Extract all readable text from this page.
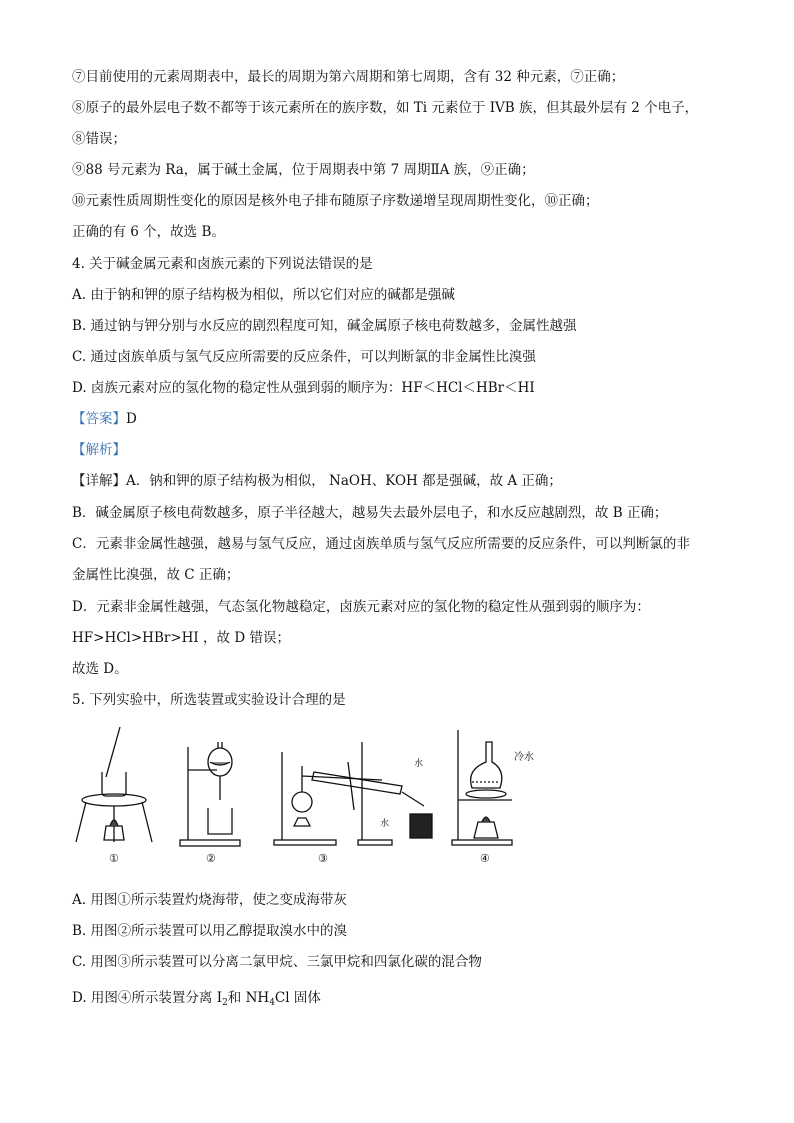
⑦目前使用的元素周期表中，最长的周期为第六周期和第七周期，含有 32 种元素，⑦正确；
⑧原子的最外层电子数不都等于该元素所在的族序数，如 Ti 元素位于 IVB 族，但其最外层有 2 个电子，
⑧错误；
⑨88 号元素为 Ra，属于碱土金属，位于周期表中第 7 周期ⅡA 族，⑨正确；
⑩元素性质周期性变化的原因是核外电子排布随原子序数递增呈现周期性变化，⑩正确；
正确的有 6 个，故选 B。
4. 关于碱金属元素和卤族元素的下列说法错误的是
A. 由于钠和钾的原子结构极为相似，所以它们对应的碱都是强碱
B. 通过钠与钾分别与水反应的剧烈程度可知，碱金属原子核电荷数越多，金属性越强
C. 通过卤族单质与氢气反应所需要的反应条件，可以判断氯的非金属性比溴强
D. 卤族元素对应的氢化物的稳定性从强到弱的顺序为：HF＜HCl＜HBr＜HI
【答案】D
【解析】
【详解】A．钠和钾的原子结构极为相似， NaOH、KOH 都是强碱，故 A 正确；
B．碱金属原子核电荷数越多，原子半径越大，越易失去最外层电子，和水反应越剧烈，故 B 正确；
C．元素非金属性越强，越易与氢气反应，通过卤族单质与氢气反应所需要的反应条件，可以判断氯的非
金属性比溴强，故 C 正确；
D．元素非金属性越强，气态氢化物越稳定，卤族元素对应的氢化物的稳定性从强到弱的顺序为：
HF>HCl>HBr>HI ，故 D 错误；
故选 D。
5. 下列实验中，所选装置或实验设计合理的是
水
水
冷水
①	②	③	④
A. 用图①所示装置灼烧海带，使之变成海带灰
B. 用图②所示装置可以用乙醇提取溴水中的溴
C. 用图③所示装置可以分离二氯甲烷、三氯甲烷和四氯化碳的混合物
D. 用图④所示装置分离 $I_2$和 $NH_4Cl$ 固体
